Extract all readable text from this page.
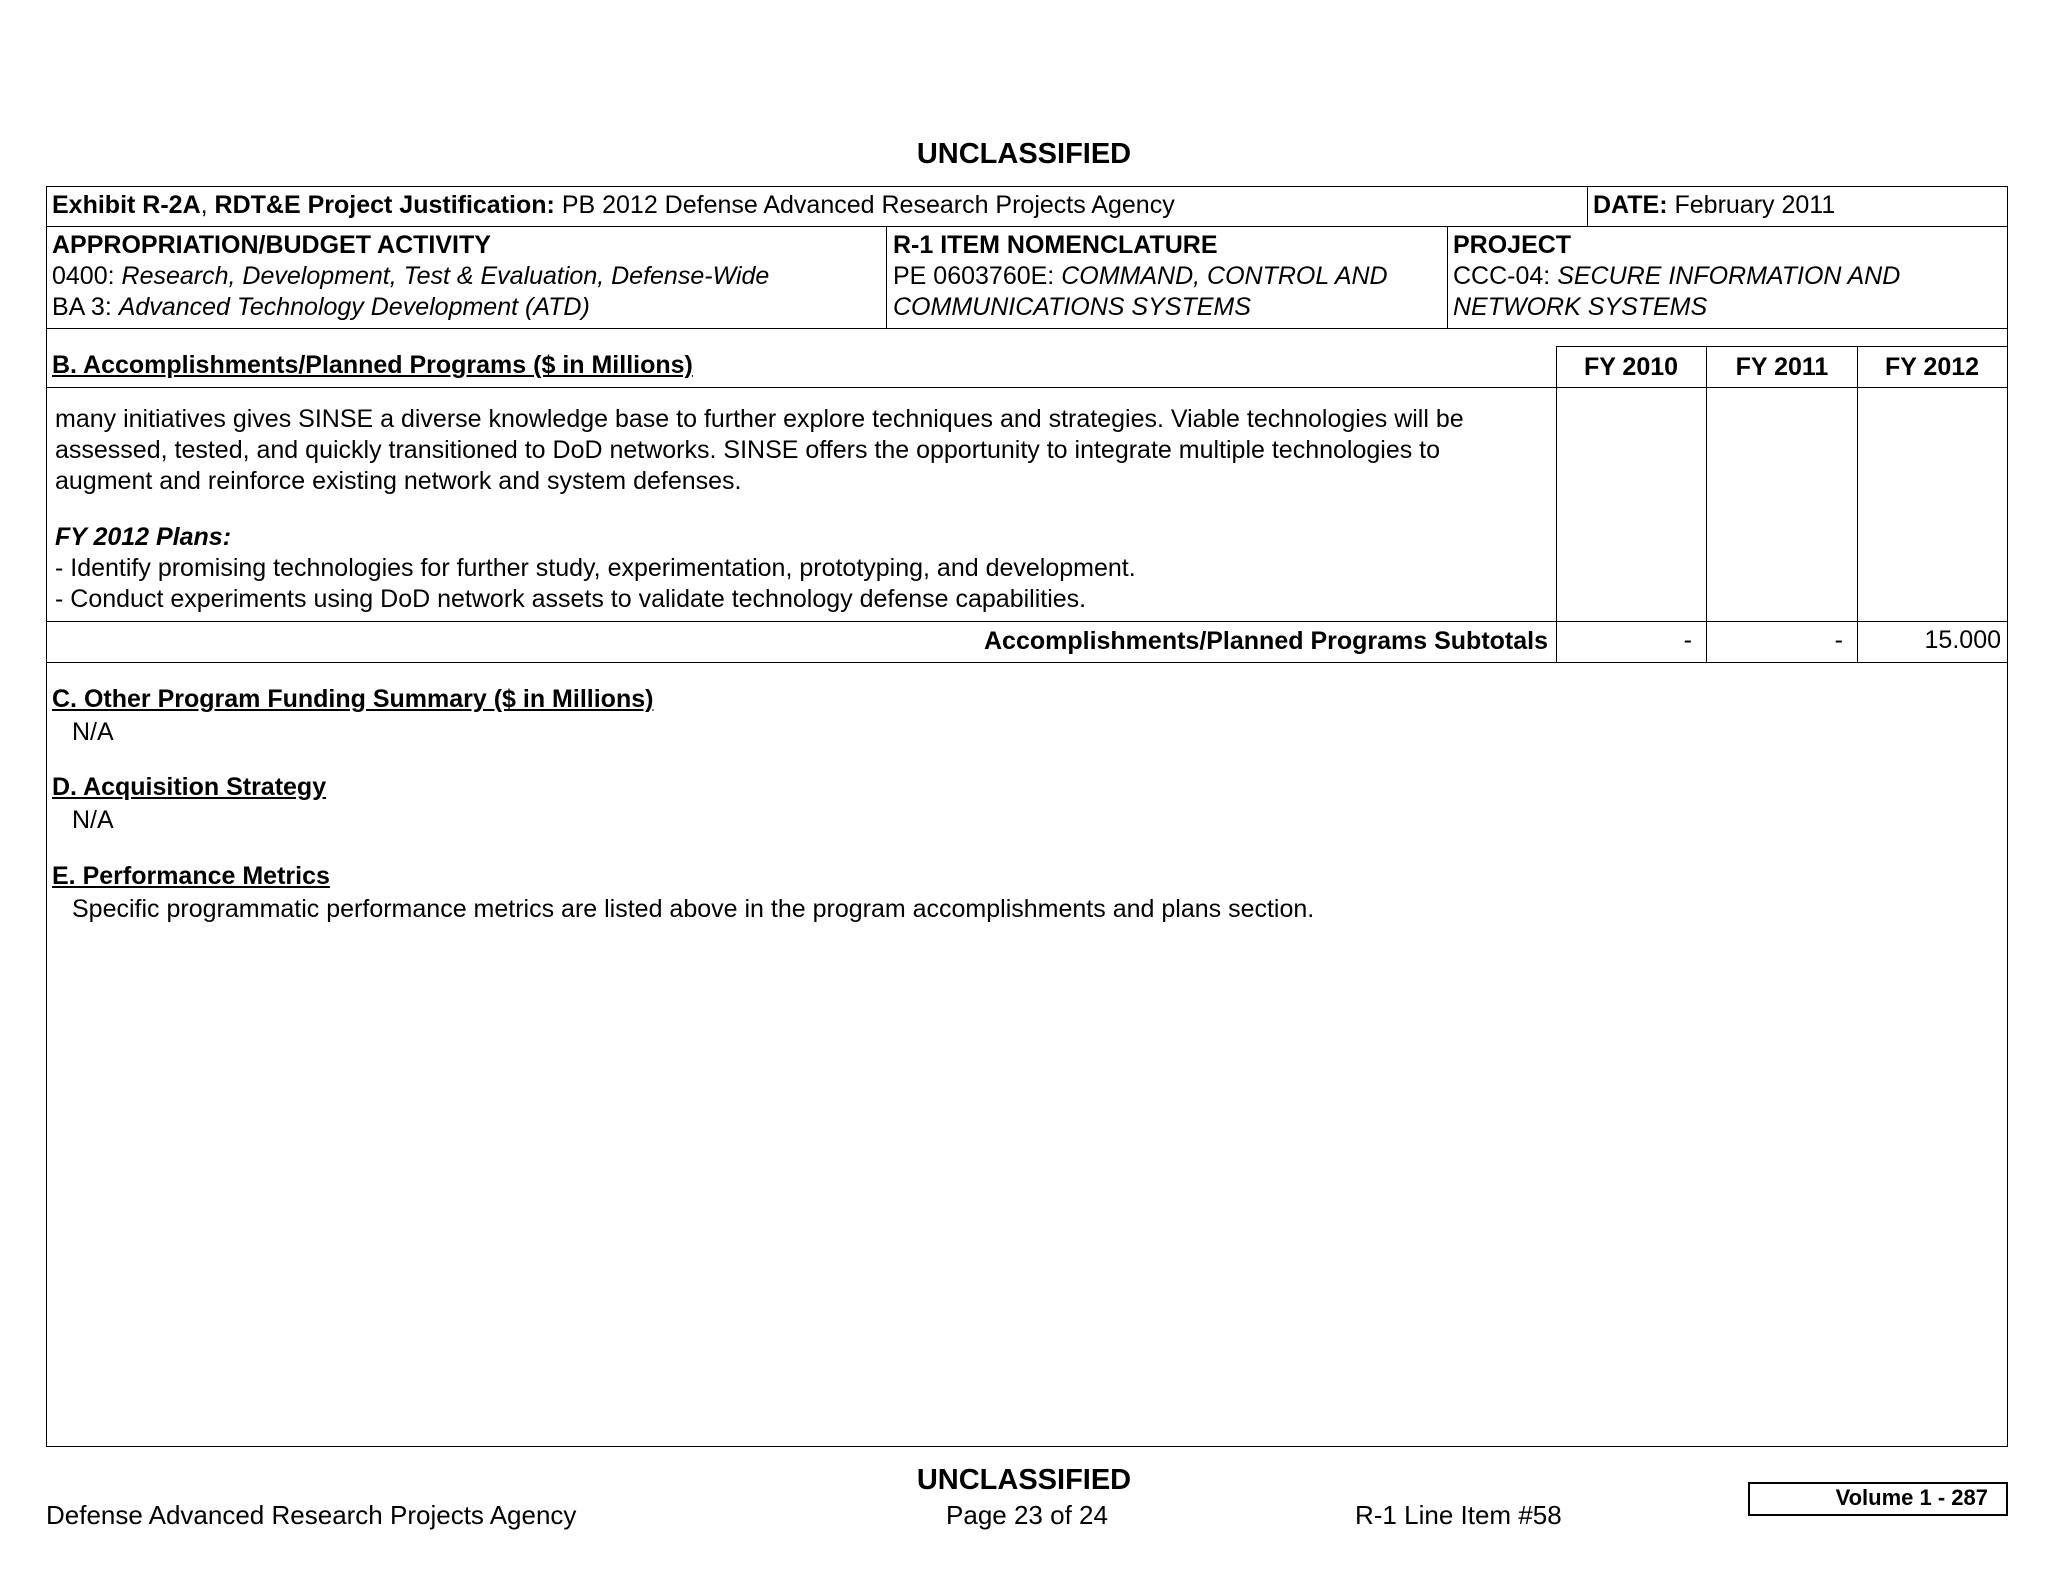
UNCLASSIFIED
Exhibit R-2A, RDT&E Project Justification: PB 2012 Defense Advanced Research Projects Agency	DATE: February 2011
APPROPRIATION/BUDGET ACTIVITY
0400: Research, Development, Test & Evaluation, Defense-Wide
BA 3: Advanced Technology Development (ATD)
R-1 ITEM NOMENCLATURE
PE 0603760E: COMMAND, CONTROL AND
COMMUNICATIONS SYSTEMS
PROJECT
CCC-04: SECURE INFORMATION AND
NETWORK SYSTEMS
B. Accomplishments/Planned Programs ($ in Millions)	FY 2010	FY 2011	FY 2012
many initiatives gives SINSE a diverse knowledge base to further explore techniques and strategies. Viable technologies will be
assessed, tested, and quickly transitioned to DoD networks. SINSE offers the opportunity to integrate multiple technologies to
augment and reinforce existing network and system defenses.
FY 2012 Plans:
- Identify promising technologies for further study, experimentation, prototyping, and development.
- Conduct experiments using DoD network assets to validate technology defense capabilities.
Accomplishments/Planned Programs Subtotals	-	-	15.000
C. Other Program Funding Summary ($ in Millions)
N/A
D. Acquisition Strategy
N/A
E. Performance Metrics
Specific programmatic performance metrics are listed above in the program accomplishments and plans section.
UNCLASSIFIED
Defense Advanced Research Projects Agency	Page 23 of 24	R-1 Line Item #58
Volume 1 - 287
